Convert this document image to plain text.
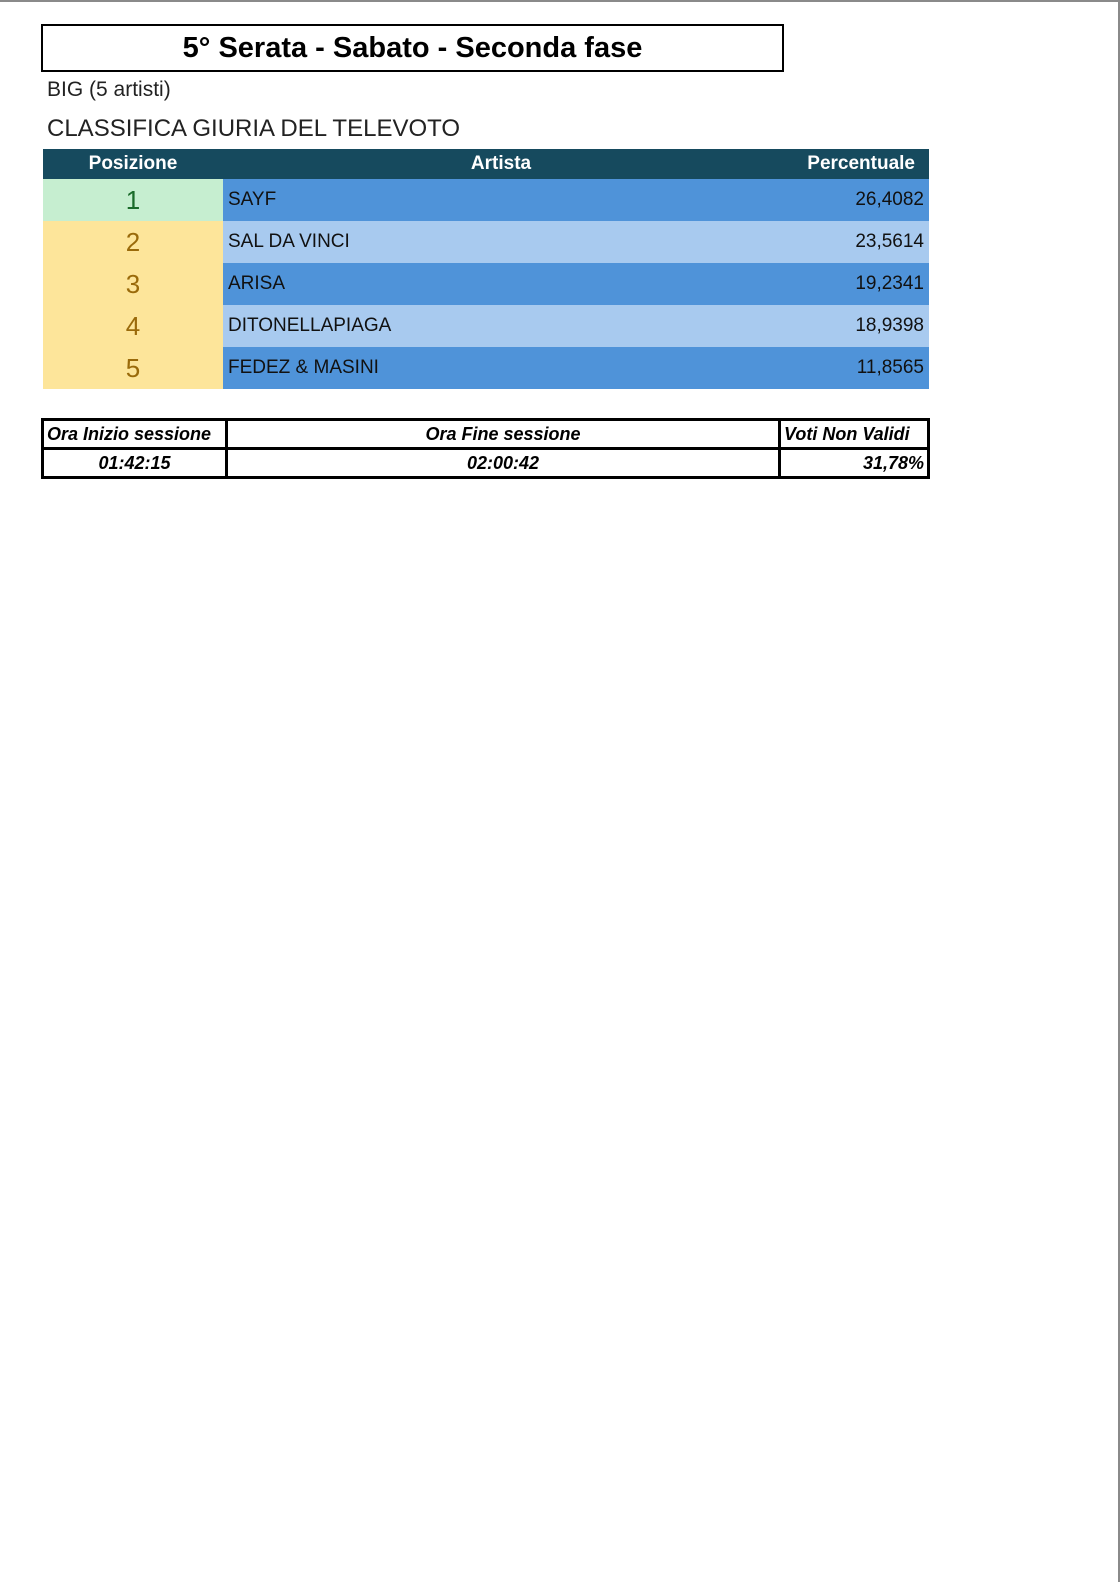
5° Serata - Sabato - Seconda fase
BIG (5 artisti)
CLASSIFICA GIURIA DEL TELEVOTO
Posizione	Artista	Percentuale
1	SAYF	26,4082
2	SAL DA VINCI	23,5614
3	ARISA	19,2341
4	DITONELLAPIAGA	18,9398
5	FEDEZ & MASINI	11,8565
Ora Inizio sessione	Ora Fine sessione	Voti Non Validi
01:42:15	02:00:42	31,78%
